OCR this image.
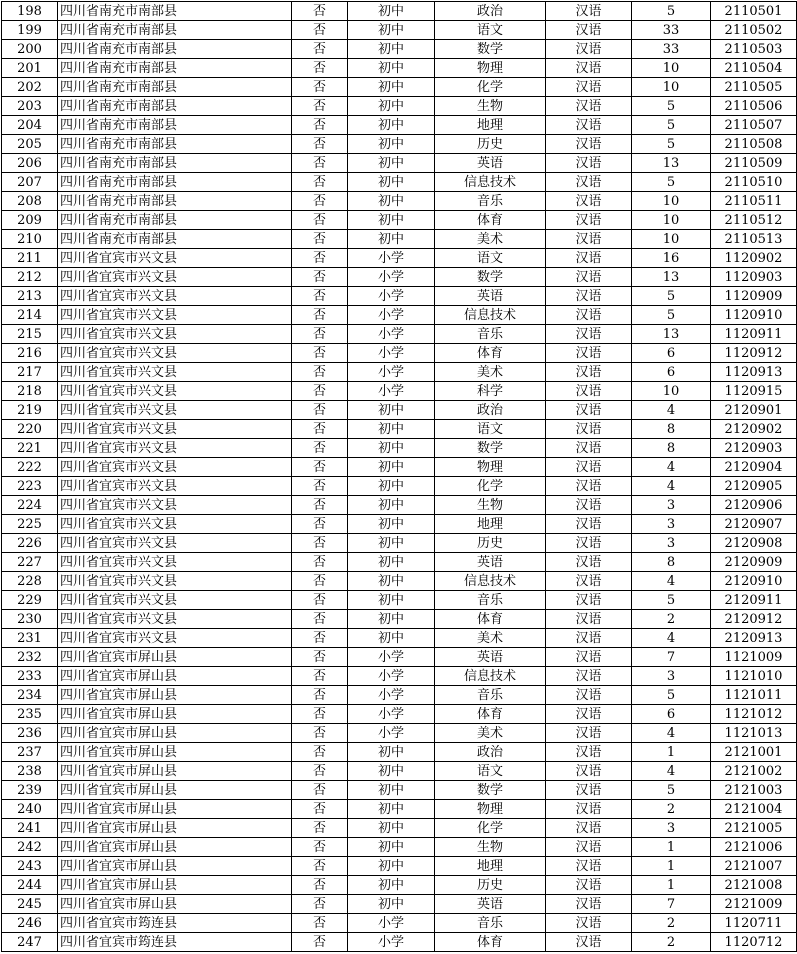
198	四川省南充市南部县	否	初中	政治	汉语	5	2110501
199	四川省南充市南部县	否	初中	语文	汉语	33	2110502
200	四川省南充市南部县	否	初中	数学	汉语	33	2110503
201	四川省南充市南部县	否	初中	物理	汉语	10	2110504
202	四川省南充市南部县	否	初中	化学	汉语	10	2110505
203	四川省南充市南部县	否	初中	生物	汉语	5	2110506
204	四川省南充市南部县	否	初中	地理	汉语	5	2110507
205	四川省南充市南部县	否	初中	历史	汉语	5	2110508
206	四川省南充市南部县	否	初中	英语	汉语	13	2110509
207	四川省南充市南部县	否	初中	信息技术	汉语	5	2110510
208	四川省南充市南部县	否	初中	音乐	汉语	10	2110511
209	四川省南充市南部县	否	初中	体育	汉语	10	2110512
210	四川省南充市南部县	否	初中	美术	汉语	10	2110513
211	四川省宜宾市兴文县	否	小学	语文	汉语	16	1120902
212	四川省宜宾市兴文县	否	小学	数学	汉语	13	1120903
213	四川省宜宾市兴文县	否	小学	英语	汉语	5	1120909
214	四川省宜宾市兴文县	否	小学	信息技术	汉语	5	1120910
215	四川省宜宾市兴文县	否	小学	音乐	汉语	13	1120911
216	四川省宜宾市兴文县	否	小学	体育	汉语	6	1120912
217	四川省宜宾市兴文县	否	小学	美术	汉语	6	1120913
218	四川省宜宾市兴文县	否	小学	科学	汉语	10	1120915
219	四川省宜宾市兴文县	否	初中	政治	汉语	4	2120901
220	四川省宜宾市兴文县	否	初中	语文	汉语	8	2120902
221	四川省宜宾市兴文县	否	初中	数学	汉语	8	2120903
222	四川省宜宾市兴文县	否	初中	物理	汉语	4	2120904
223	四川省宜宾市兴文县	否	初中	化学	汉语	4	2120905
224	四川省宜宾市兴文县	否	初中	生物	汉语	3	2120906
225	四川省宜宾市兴文县	否	初中	地理	汉语	3	2120907
226	四川省宜宾市兴文县	否	初中	历史	汉语	3	2120908
227	四川省宜宾市兴文县	否	初中	英语	汉语	8	2120909
228	四川省宜宾市兴文县	否	初中	信息技术	汉语	4	2120910
229	四川省宜宾市兴文县	否	初中	音乐	汉语	5	2120911
230	四川省宜宾市兴文县	否	初中	体育	汉语	2	2120912
231	四川省宜宾市兴文县	否	初中	美术	汉语	4	2120913
232	四川省宜宾市屏山县	否	小学	英语	汉语	7	1121009
233	四川省宜宾市屏山县	否	小学	信息技术	汉语	3	1121010
234	四川省宜宾市屏山县	否	小学	音乐	汉语	5	1121011
235	四川省宜宾市屏山县	否	小学	体育	汉语	6	1121012
236	四川省宜宾市屏山县	否	小学	美术	汉语	4	1121013
237	四川省宜宾市屏山县	否	初中	政治	汉语	1	2121001
238	四川省宜宾市屏山县	否	初中	语文	汉语	4	2121002
239	四川省宜宾市屏山县	否	初中	数学	汉语	5	2121003
240	四川省宜宾市屏山县	否	初中	物理	汉语	2	2121004
241	四川省宜宾市屏山县	否	初中	化学	汉语	3	2121005
242	四川省宜宾市屏山县	否	初中	生物	汉语	1	2121006
243	四川省宜宾市屏山县	否	初中	地理	汉语	1	2121007
244	四川省宜宾市屏山县	否	初中	历史	汉语	1	2121008
245	四川省宜宾市屏山县	否	初中	英语	汉语	7	2121009
246	四川省宜宾市筠连县	否	小学	音乐	汉语	2	1120711
247	四川省宜宾市筠连县	否	小学	体育	汉语	2	1120712
